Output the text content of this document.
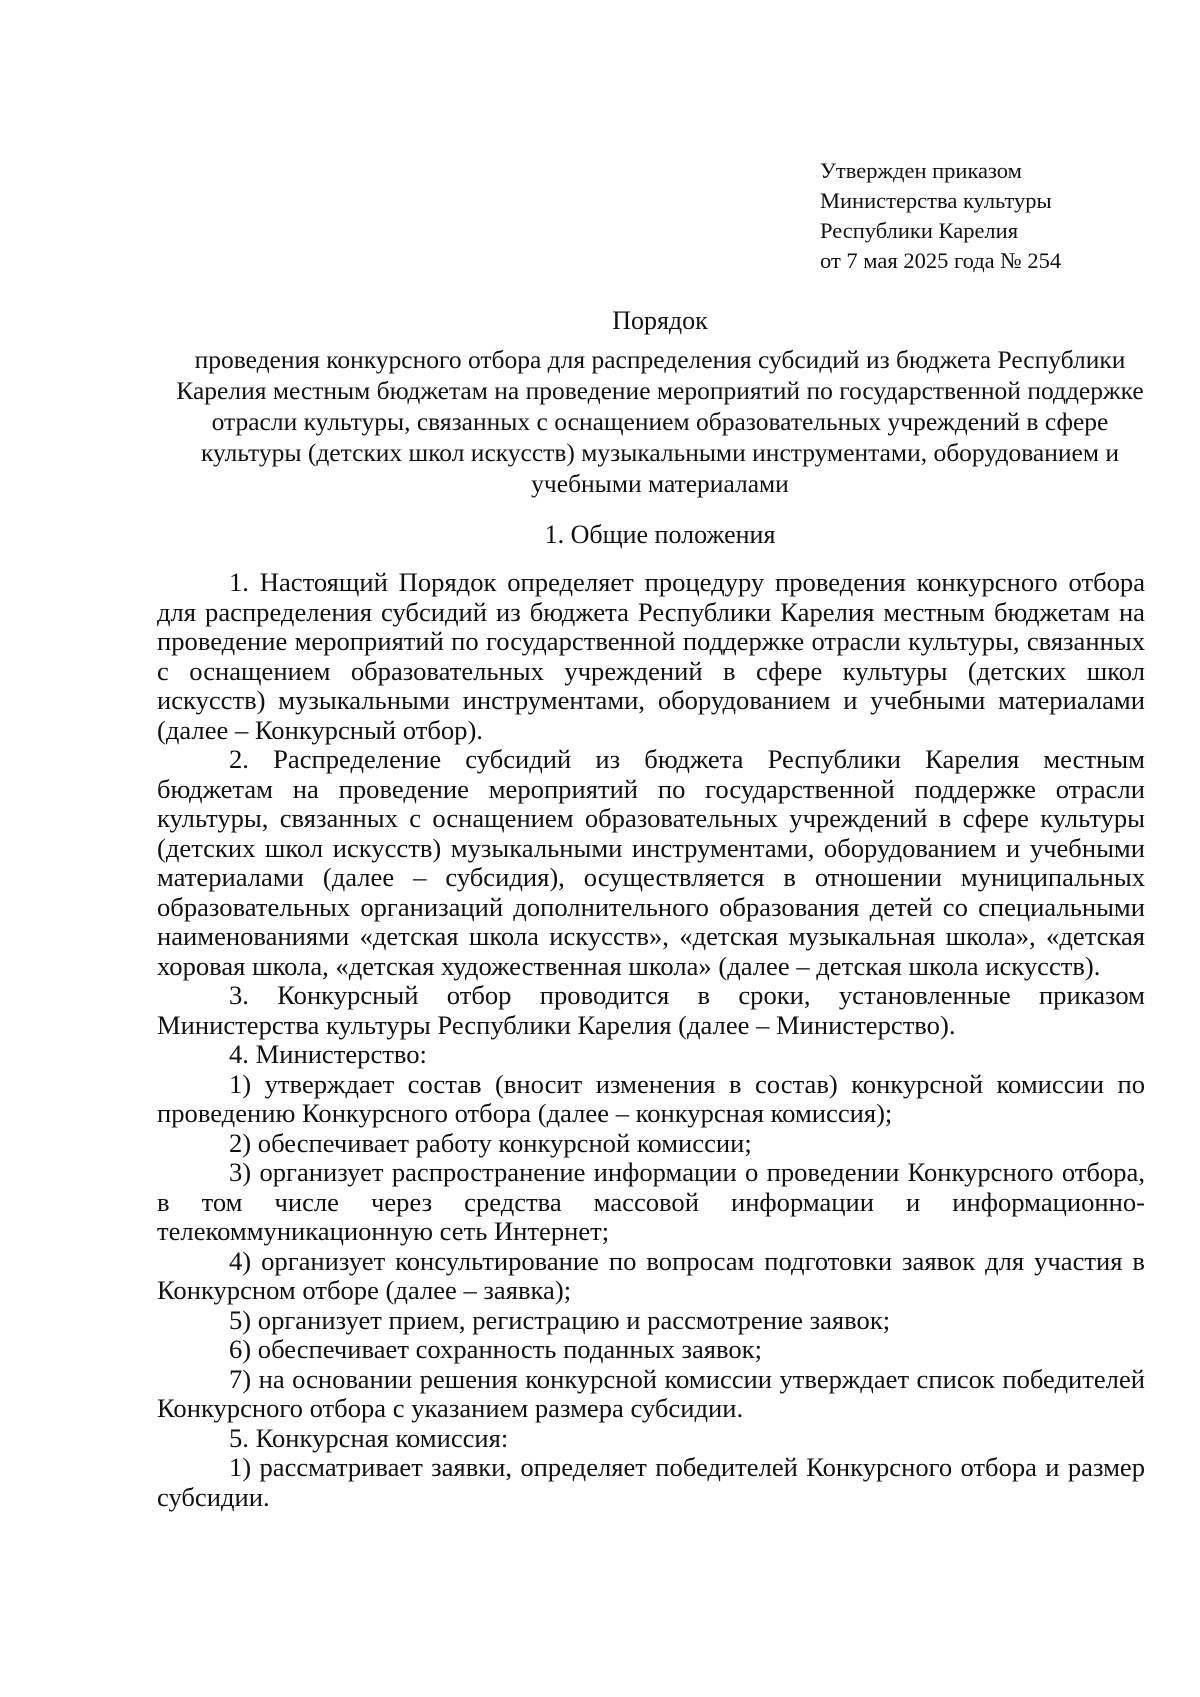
Утвержден приказом
Министерства культуры
Республики Карелия
от 7 мая 2025 года № 254
Порядок
проведения конкурсного отбора для распределения субсидий из бюджета Республики Карелия местным бюджетам на проведение мероприятий по государственной поддержке отрасли культуры, связанных с оснащением образовательных учреждений в сфере культуры (детских школ искусств) музыкальными инструментами, оборудованием и учебными материалами
1. Общие положения

1. Настоящий Порядок определяет процедуру проведения конкурсного отбора для распределения субсидий из бюджета Республики Карелия местным бюджетам на проведение мероприятий по государственной поддержке отрасли культуры, связанных с оснащением образовательных учреждений в сфере культуры (детских школ искусств) музыкальными инструментами, оборудованием и учебными материалами (далее – Конкурсный отбор).

2. Распределение субсидий из бюджета Республики Карелия местным бюджетам на проведение мероприятий по государственной поддержке отрасли культуры, связанных с оснащением образовательных учреждений в сфере культуры (детских школ искусств) музыкальными инструментами, оборудованием и учебными материалами (далее – субсидия), осуществляется в отношении муниципальных образовательных организаций дополнительного образования детей со специальными наименованиями «детская школа искусств», «детская музыкальная школа», «детская хоровая школа, «детская художественная школа» (далее – детская школа искусств).

3. Конкурсный отбор проводится в сроки, установленные приказом Министерства культуры Республики Карелия (далее – Министерство).

4. Министерство:

1) утверждает состав (вносит изменения в состав) конкурсной комиссии по проведению Конкурсного отбора (далее – конкурсная комиссия);

2) обеспечивает работу конкурсной комиссии;

3) организует распространение информации о проведении Конкурсного отбора, в том числе через средства массовой информации и информационно-телекоммуникационную сеть Интернет;

4) организует консультирование по вопросам подготовки заявок для участия в Конкурсном отборе (далее – заявка);

5) организует прием, регистрацию и рассмотрение заявок;

6) обеспечивает сохранность поданных заявок;

7) на основании решения конкурсной комиссии утверждает список победителей Конкурсного отбора с указанием размера субсидии.

5. Конкурсная комиссия:

1) рассматривает заявки, определяет победителей Конкурсного отбора и размер субсидии.
